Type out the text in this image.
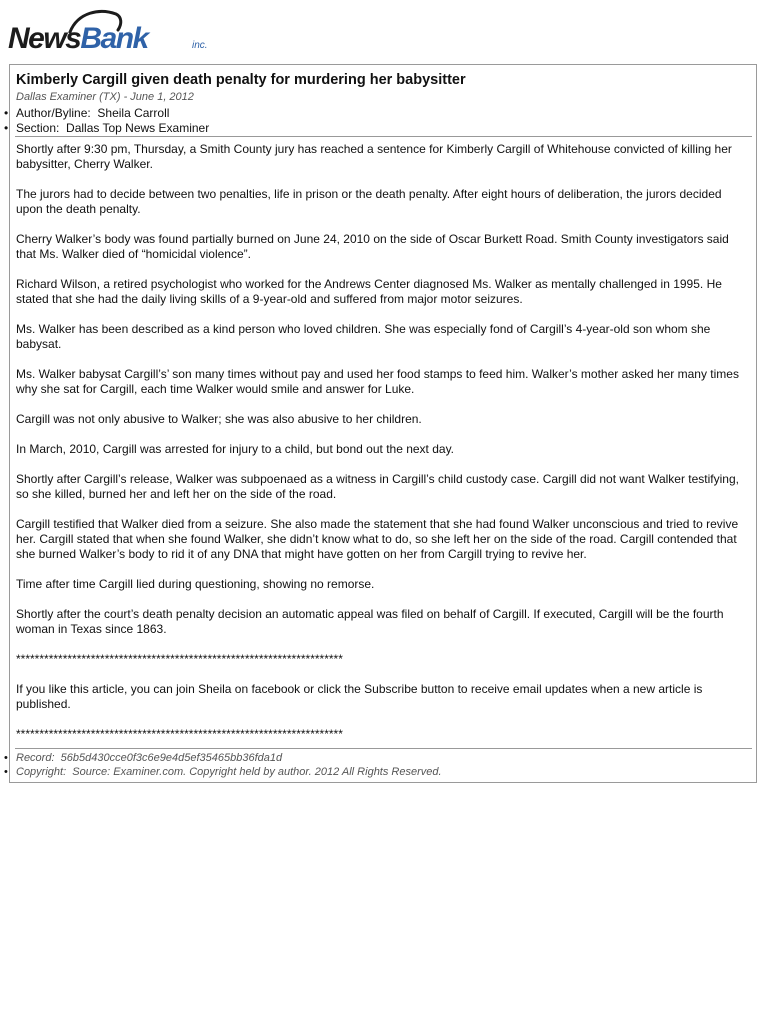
NewsBank	inc.
Kimberly Cargill given death penalty for murdering her babysitter
Dallas Examiner (TX) - June 1, 2012
• Author/Byline: Sheila Carroll
• Section: Dallas Top News Examiner

Shortly after 9:30 pm, Thursday, a Smith County jury has reached a sentence for Kimberly Cargill of Whitehouse convicted of killing her babysitter, Cherry Walker.

The jurors had to decide between two penalties, life in prison or the death penalty. After eight hours of deliberation, the jurors decided upon the death penalty.

Cherry Walker’s body was found partially burned on June 24, 2010 on the side of Oscar Burkett Road. Smith County investigators said that Ms. Walker died of “homicidal violence”.

Richard Wilson, a retired psychologist who worked for the Andrews Center diagnosed Ms. Walker as mentally challenged in 1995. He stated that she had the daily living skills of a 9-year-old and suffered from major motor seizures.

Ms. Walker has been described as a kind person who loved children. She was especially fond of Cargill’s 4-year-old son whom she babysat.

Ms. Walker babysat Cargill’s’ son many times without pay and used her food stamps to feed him. Walker’s mother asked her many times why she sat for Cargill, each time Walker would smile and answer for Luke.

Cargill was not only abusive to Walker; she was also abusive to her children.

In March, 2010, Cargill was arrested for injury to a child, but bond out the next day.

Shortly after Cargill’s release, Walker was subpoenaed as a witness in Cargill’s child custody case. Cargill did not want Walker testifying, so she killed, burned her and left her on the side of the road.

Cargill testified that Walker died from a seizure. She also made the statement that she had found Walker unconscious and tried to revive her. Cargill stated that when she found Walker, she didn’t know what to do, so she left her on the side of the road. Cargill contended that she burned Walker’s body to rid it of any DNA that might have gotten on her from Cargill trying to revive her.

Time after time Cargill lied during questioning, showing no remorse.

Shortly after the court’s death penalty decision an automatic appeal was filed on behalf of Cargill. If executed, Cargill will be the fourth woman in Texas since 1863.

**********************************************************************

If you like this article, you can join Sheila on facebook or click the Subscribe button to receive email updates when a new article is published.

**********************************************************************

• Record: 56b5d430cce0f3c6e9e4d5ef35465bb36fda1d
• Copyright: Source: Examiner.com. Copyright held by author. 2012 All Rights Reserved.
